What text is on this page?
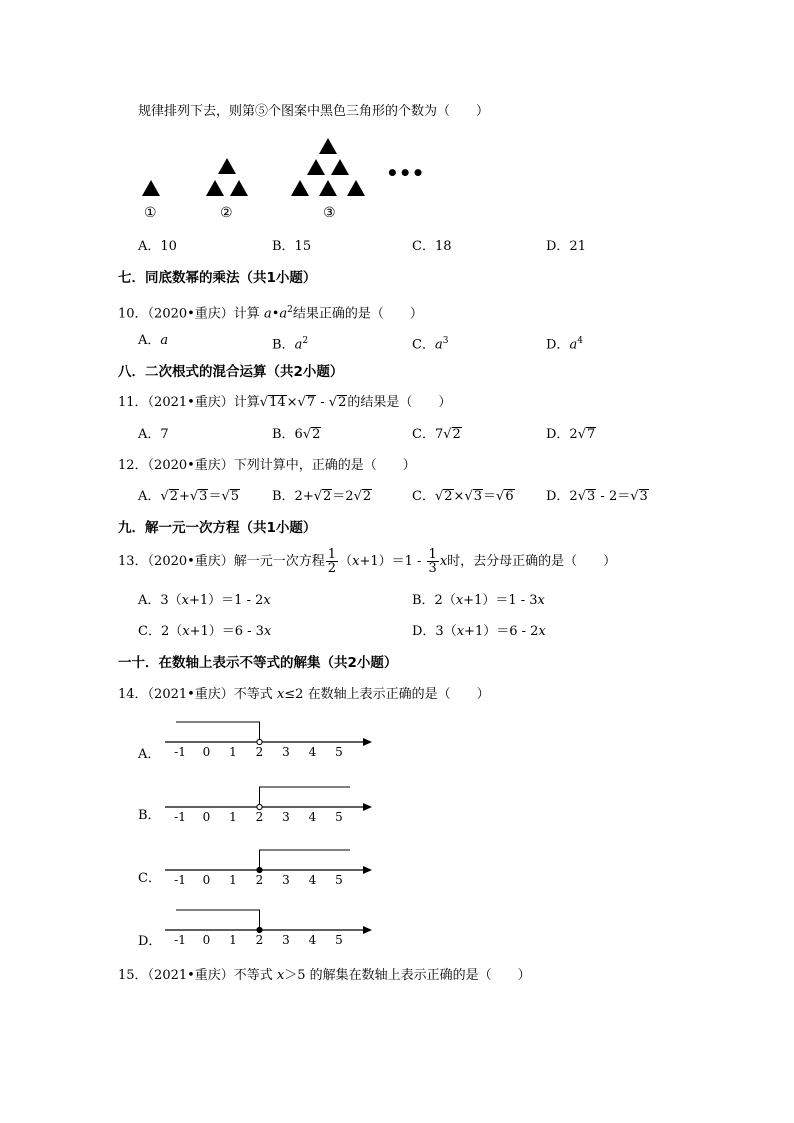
规律排列下去，则第⑤个图案中黑色三角形的个数为（　　）
•••
①	②	③
A．10	B．15	C．18	D．21
七．同底数幂的乘法（共1小题）
10．（2020•重庆）计算 $a•a^2$结果正确的是（　　）
A．a	B．$a^2$	C．$a^3$	D．$a^4$
八．二次根式的混合运算（共2小题）
11．（2021•重庆）计算√14×√7 - √2的结果是（　　）
A．7	B．6√2	C．7√2	D．2√7
12．（2020•重庆）下列计算中，正确的是（　　）
A．√2+√3＝√5	B．2+√2＝2√2	C．√2×√3＝√6 D．2√3 - 2＝√3
九．解一元一次方程（共1小题）
13．（2020•重庆）解一元一次方程 $\frac{1}{2} (x+1)=1 - \frac{1}{3}$ x时，去分母正确的是（　　）
A．3（x+1）＝1 - 2x	B．2（x+1）＝1 - 3x
C．2（x+1）＝6 - 3x	D．3（x+1）＝6 - 2x
一十．在数轴上表示不等式的解集（共2小题）
14．（2021•重庆）不等式 x≤2 在数轴上表示正确的是（　　）
A． -1 0 1 2 3 4 5
B． -1 0 1 2 3 4 5
C． -1 0 1 2 3 4 5
D． -1 0 1 2 3 4 5
15．（2021•重庆）不等式 x＞5 的解集在数轴上表示正确的是（　　）
